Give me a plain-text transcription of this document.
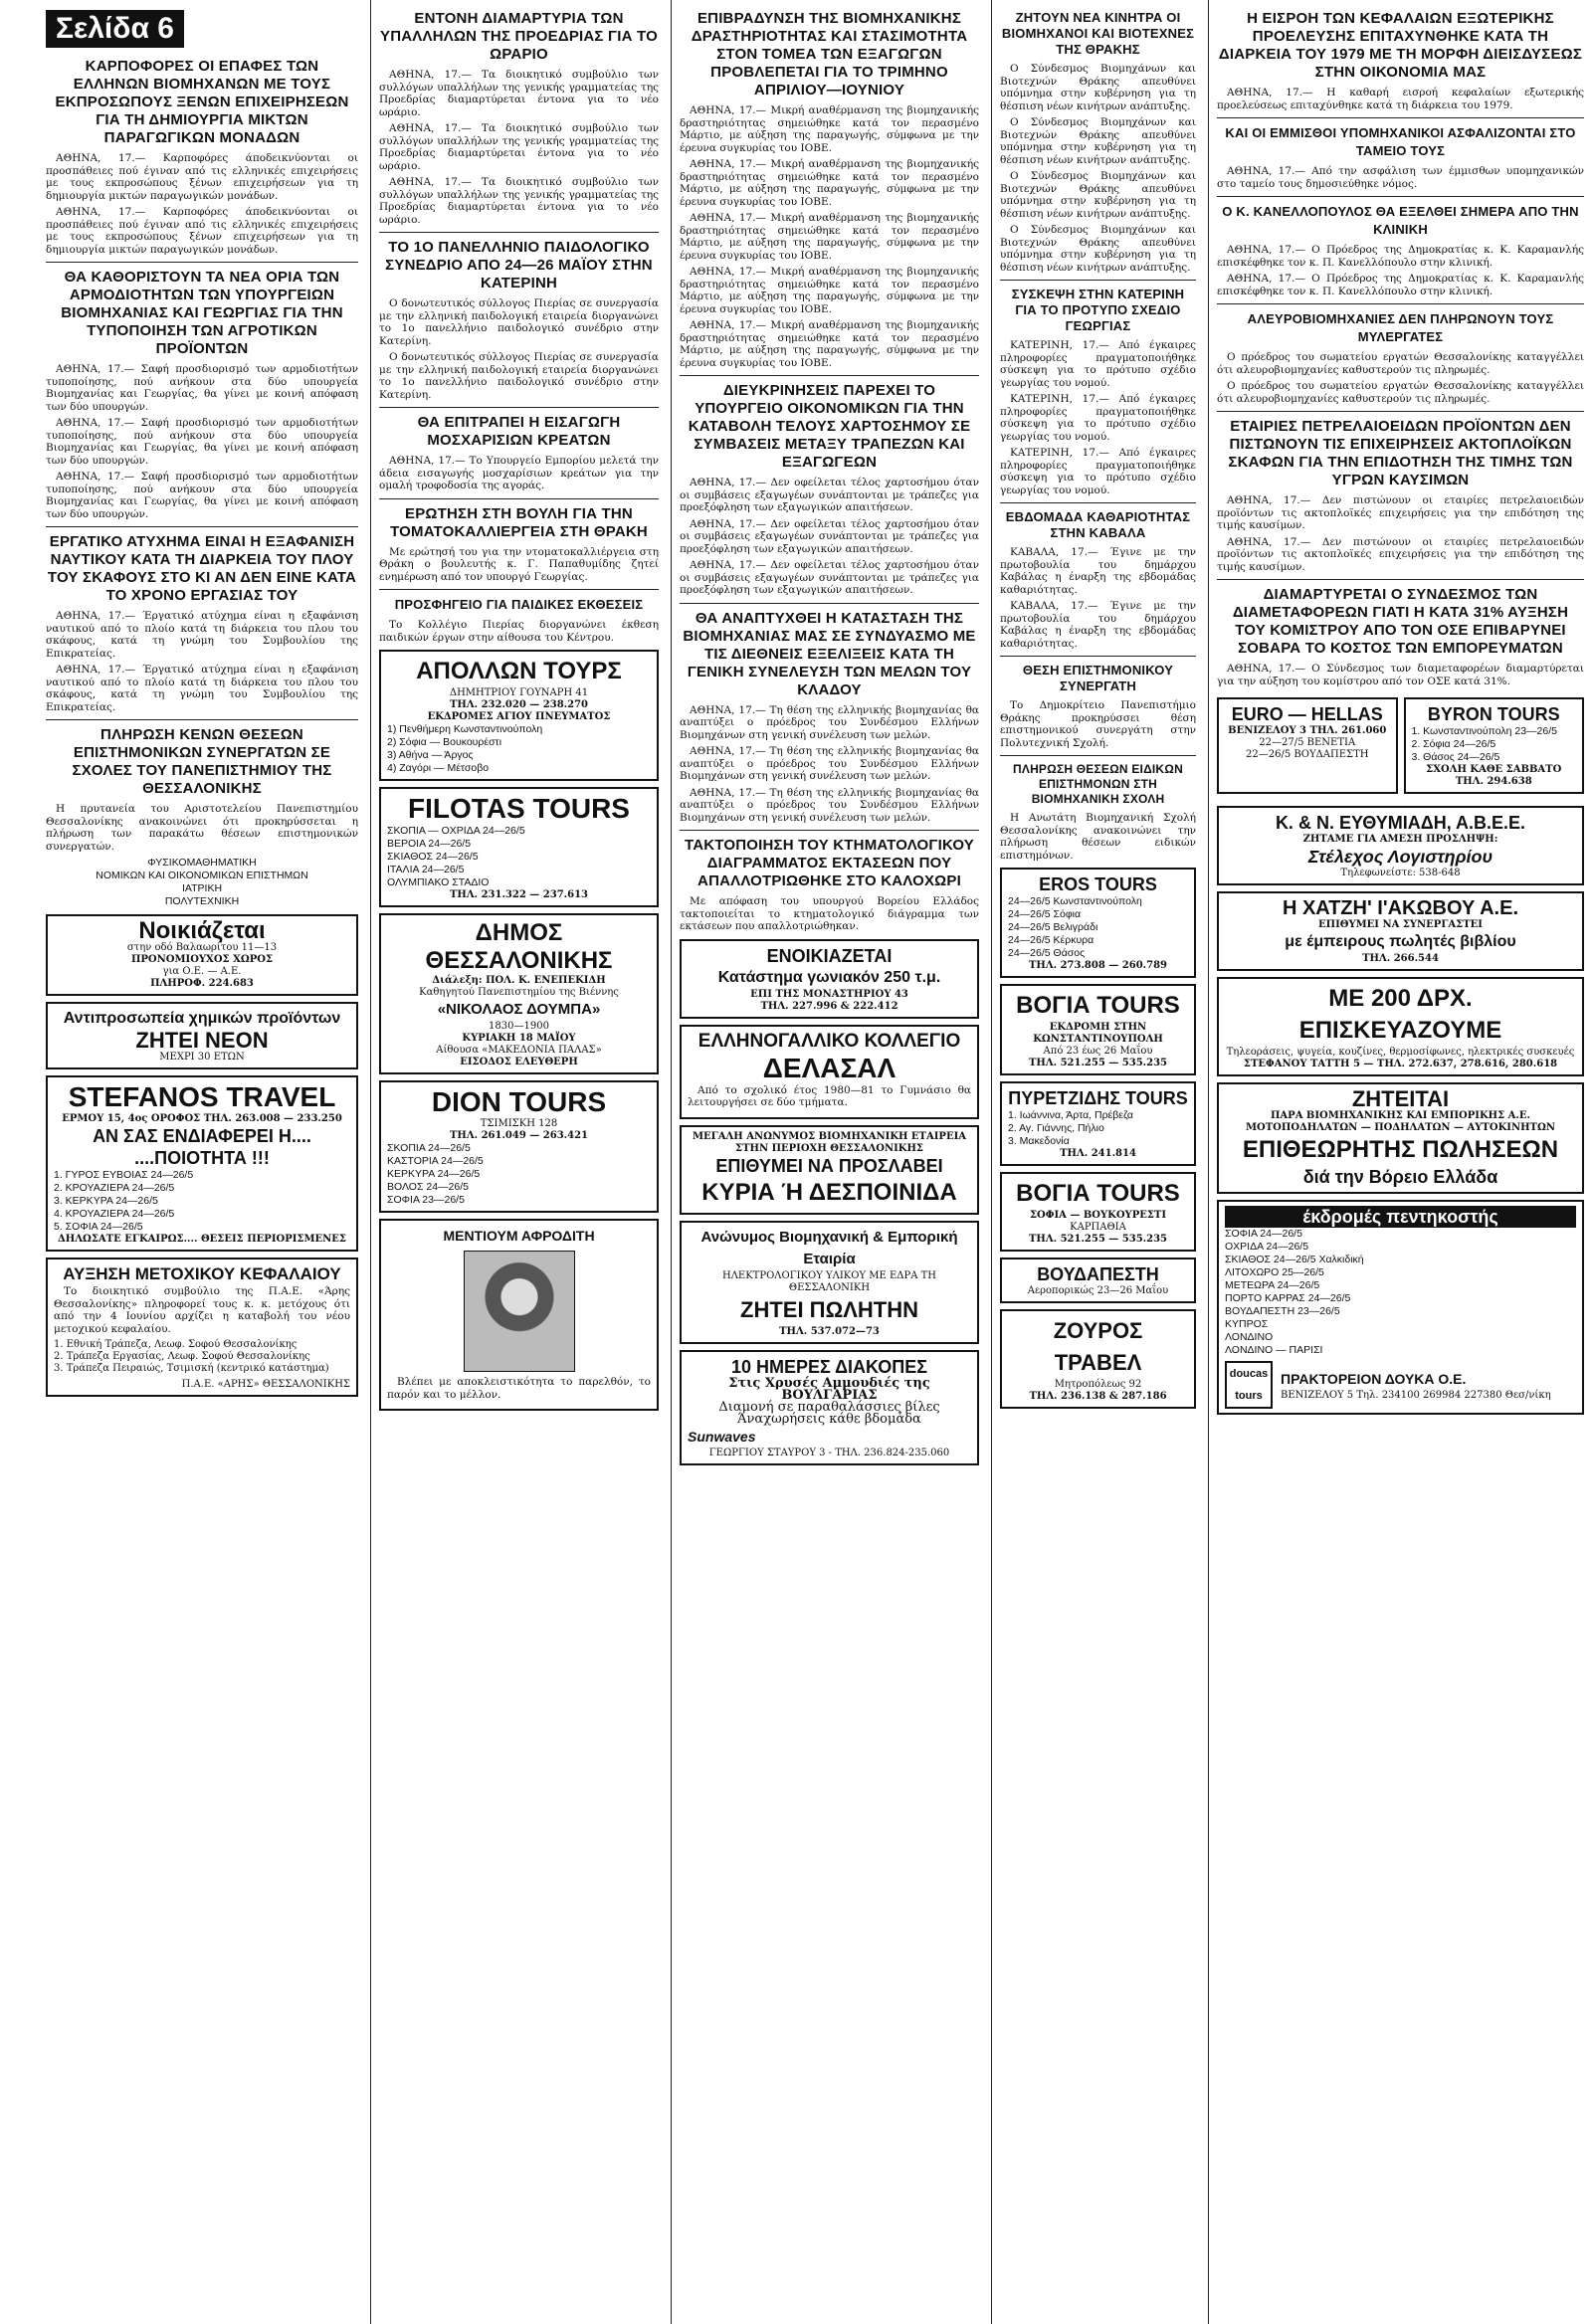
Σελίδα 6
ΚΑΡΠΟΦΟΡΕΣ ΟΙ ΕΠΑΦΕΣ ΤΩΝ ΕΛΛΗΝΩΝ ΒΙΟΜΗΧΑΝΩΝ ΜΕ ΤΟΥΣ ΕΚΠΡΟΣΩΠΟΥΣ ΞΕΝΩΝ ΕΠΙΧΕΙΡΗΣΕΩΝ ΓΙΑ ΤΗ ΔΗΜΙΟΥΡΓΙΑ ΜΙΚΤΩΝ ΠΑΡΑΓΩΓΙΚΩΝ ΜΟΝΑΔΩΝ

ΑΘΗΝΑ, 17.— Καρποφόρες άποδεικνύονται οι προσπάθειες πού έγιναν από τις ελληνικές επιχειρήσεις με τους εκπροσώπους ξένων επιχειρήσεων για τη δημιουργία μικτών παραγωγικών μονάδων.

ΑΘΗΝΑ, 17.— Καρποφόρες άποδεικνύονται οι προσπάθειες πού έγιναν από τις ελληνικές επιχειρήσεις με τους εκπροσώπους ξένων επιχειρήσεων για τη δημιουργία μικτών παραγωγικών μονάδων.

ΘΑ ΚΑΘΟΡΙΣΤΟΥΝ ΤΑ ΝΕΑ ΟΡΙΑ ΤΩΝ ΑΡΜΟΔΙΟΤΗΤΩΝ ΤΩΝ ΥΠΟΥΡΓΕΙΩΝ ΒΙΟΜΗΧΑΝΙΑΣ ΚΑΙ ΓΕΩΡΓΙΑΣ ΓΙΑ ΤΗΝ ΤΥΠΟΠΟΙΗΣΗ ΤΩΝ ΑΓΡΟΤΙΚΩΝ ΠΡΟΪΟΝΤΩΝ

ΑΘΗΝΑ, 17.— Σαφή προσδιορισμό των αρμοδιοτήτων τυποποίησης, πού ανήκουν στα δύο υπουργεία Βιομηχανίας και Γεωργίας, θα γίνει με κοινή απόφαση των δύο υπουργών.

ΑΘΗΝΑ, 17.— Σαφή προσδιορισμό των αρμοδιοτήτων τυποποίησης, πού ανήκουν στα δύο υπουργεία Βιομηχανίας και Γεωργίας, θα γίνει με κοινή απόφαση των δύο υπουργών.

ΑΘΗΝΑ, 17.— Σαφή προσδιορισμό των αρμοδιοτήτων τυποποίησης, πού ανήκουν στα δύο υπουργεία Βιομηχανίας και Γεωργίας, θα γίνει με κοινή απόφαση των δύο υπουργών.

ΕΡΓΑΤΙΚΟ ΑΤΥΧΗΜΑ ΕΙΝΑΙ Η ΕΞΑΦΑΝΙΣΗ ΝΑΥΤΙΚΟΥ ΚΑΤΑ ΤΗ ΔΙΑΡΚΕΙΑ ΤΟΥ ΠΛΟΥ ΤΟΥ ΣΚΑΦΟΥΣ ΣΤΟ ΚΙ ΑΝ ΔΕΝ ΕΙΝΕ ΚΑΤΑ ΤΟ ΧΡΟΝΟ ΕΡΓΑΣΙΑΣ ΤΟΥ

ΑΘΗΝΑ, 17.— Έργατικό ατύχημα είναι η εξαφάνιση ναυτικού από το πλοίο κατά τη διάρκεια του πλου του σκάφους, κατά τη γνώμη του Συμβουλίου της Επικρατείας.

ΑΘΗΝΑ, 17.— Έργατικό ατύχημα είναι η εξαφάνιση ναυτικού από το πλοίο κατά τη διάρκεια του πλου του σκάφους, κατά τη γνώμη του Συμβουλίου της Επικρατείας.

ΠΛΗΡΩΣΗ ΚΕΝΩΝ ΘΕΣΕΩΝ ΕΠΙΣΤΗΜΟΝΙΚΩΝ ΣΥΝΕΡΓΑΤΩΝ ΣΕ ΣΧΟΛΕΣ ΤΟΥ ΠΑΝΕΠΙΣΤΗΜΙΟΥ ΤΗΣ ΘΕΣΣΑΛΟΝΙΚΗΣ

Η πρυτανεία του Αριστοτελείου Πανεπιστημίου Θεσσαλονίκης ανακοινώνει ότι προκηρύσσεται η πλήρωση των παρακάτω θέσεων επιστημονικών συνεργατών.

ΦΥΣΙΚΟΜΑΘΗΜΑΤΙΚΗ
ΝΟΜΙΚΩΝ ΚΑΙ ΟΙΚΟΝΟΜΙΚΩΝ ΕΠΙΣΤΗΜΩΝ
ΙΑΤΡΙΚΗ
ΠΟΛΥΤΕΧΝΙΚΗ
Νοικιάζεται
στην οδό Βαλαωρίτου 11—13
ΠΡΟΝΟΜΙΟΥΧΟΣ ΧΩΡΟΣ
για Ο.Ε. — Α.Ε.
ΠΛΗΡΟΦ. 224.683
Αντιπροσωπεία χημικών προϊόντων
ΖΗΤΕΙ ΝΕΟΝ
ΜΕΧΡΙ 30 ΕΤΩΝ
STEFANOS TRAVEL
ΕΡΜΟΥ 15, 4ος ΟΡΟΦΟΣ ΤΗΛ. 263.008 — 233.250
ΑΝ ΣΑΣ ΕΝΔΙΑΦΕΡΕΙ Η....
....ΠΟΙΟΤΗΤΑ !!!
1. ΓΥΡΟΣ ΕΥΒΟΙΑΣ 24—26/5
2. ΚΡΟΥΑΖΙΕΡΑ 24—26/5
3. ΚΕΡΚΥΡΑ 24—26/5
4. ΚΡΟΥΑΖΙΕΡΑ 24—26/5
5. ΣΟΦΙΑ 24—26/5
ΔΗΛΩΣΑΤΕ ΕΓΚΑΙΡΩΣ.... ΘΕΣΕΙΣ ΠΕΡΙΟΡΙΣΜΕΝΕΣ
ΑΥΞΗΣΗ ΜΕΤΟΧΙΚΟΥ ΚΕΦΑΛΑΙΟΥ

Το διοικητικό συμβούλιο της Π.Α.Ε. «Άρης Θεσσαλονίκης» πληροφορεί τους κ. κ. μετόχους ότι από την 4 Ιουνίου αρχίζει η καταβολή του νέου μετοχικού κεφαλαίου.

1. Εθνική Τράπεζα, Λεωφ. Σοφού Θεσσαλονίκης
2. Τράπεζα Εργασίας, Λεωφ. Σοφού Θεσσαλονίκης
3. Τράπεζα Πειραιώς, Τσιμισκή (κεντρικό κατάστημα)
Π.Α.Ε. «ΑΡΗΣ» ΘΕΣΣΑΛΟΝΙΚΗΣ
ΕΝΤΟΝΗ ΔΙΑΜΑΡΤΥΡΙΑ ΤΩΝ ΥΠΑΛΛΗΛΩΝ ΤΗΣ ΠΡΟΕΔΡΙΑΣ ΓΙΑ ΤΟ ΩΡΑΡΙΟ

ΑΘΗΝΑ, 17.— Τα διοικητικό συμβούλιο των συλλόγων υπαλλήλων της γενικής γραμματείας της Προεδρίας διαμαρτύρεται έντονα για το νέο ωράριο.

ΑΘΗΝΑ, 17.— Τα διοικητικό συμβούλιο των συλλόγων υπαλλήλων της γενικής γραμματείας της Προεδρίας διαμαρτύρεται έντονα για το νέο ωράριο.

ΑΘΗΝΑ, 17.— Τα διοικητικό συμβούλιο των συλλόγων υπαλλήλων της γενικής γραμματείας της Προεδρίας διαμαρτύρεται έντονα για το νέο ωράριο.

ΤΟ 1Ο ΠΑΝΕΛΛΗΝΙΟ ΠΑΙΔΟΛΟΓΙΚΟ ΣΥΝΕΔΡΙΟ ΑΠΟ 24—26 ΜΑΪΟΥ ΣΤΗΝ ΚΑΤΕΡΙΝΗ

Ο δονωτευτικός σύλλογος Πιερίας σε συνεργασία με την ελληνική παιδολογική εταιρεία διοργανώνει το 1ο πανελλήνιο παιδολογικό συνέδριο στην Κατερίνη.

Ο δονωτευτικός σύλλογος Πιερίας σε συνεργασία με την ελληνική παιδολογική εταιρεία διοργανώνει το 1ο πανελλήνιο παιδολογικό συνέδριο στην Κατερίνη.

ΘΑ ΕΠΙΤΡΑΠΕΙ Η ΕΙΣΑΓΩΓΗ ΜΟΣΧΑΡΙΣΙΩΝ ΚΡΕΑΤΩΝ

ΑΘΗΝΑ, 17.— Το Υπουργείο Εμπορίου μελετά την άδεια εισαγωγής μοσχαρίσιων κρεάτων για την ομαλή τροφοδοσία της αγοράς.

ΕΡΩΤΗΣΗ ΣΤΗ ΒΟΥΛΗ ΓΙΑ ΤΗΝ ΤΟΜΑΤΟΚΑΛΛΙΕΡΓΕΙΑ ΣΤΗ ΘΡΑΚΗ

Με ερώτησή του για την ντοματοκαλλιέργεια στη Θράκη ο βουλευτής κ. Γ. Παπαθυμίδης ζητεί ενημέρωση από τον υπουργό Γεωργίας.

ΠΡΟΣΦΗΓΕΙΟ ΓΙΑ ΠΑΙΔΙΚΕΣ ΕΚΘΕΣΕΙΣ

Το Κολλέγιο Πιερίας διοργανώνει έκθεση παιδικών έργων στην αίθουσα του Κέντρου.

ΑΠΟΛΛΩΝ ΤΟΥΡΣ
ΔΗΜΗΤΡΙΟΥ ΓΟΥΝΑΡΗ 41
ΤΗΛ. 232.020 — 238.270
ΕΚΔΡΟΜΕΣ ΑΓΙΟΥ ΠΝΕΥΜΑΤΟΣ
1) Πενθήμερη Κωνσταντινούπολη
2) Σόφια — Βουκουρέστι
3) Αθήνα — Άργος
4) Ζαγόρι — Μέτσοβο
FILOTAS TOURS
ΣΚΟΠΙΑ — ΟΧΡΙΔΑ 24—26/5
ΒΕΡΟΙΑ 24—26/5
ΣΚΙΑΘΟΣ 24—26/5
ΙΤΑΛΙΑ 24—26/5
ΟΛΥΜΠΙΑΚΟ ΣΤΑΔΙΟ
ΤΗΛ. 231.322 — 237.613
ΔΗΜΟΣ ΘΕΣΣΑΛΟΝΙΚΗΣ
Διάλεξη: ΠΟΛ. Κ. ΕΝΕΠΕΚΙΔΗ
Καθηγητού Πανεπιστημίου της Βιέννης
«ΝΙΚΟΛΑΟΣ ΔΟΥΜΠΑ»
1830—1900
ΚΥΡΙΑΚΗ 18 ΜΑΪΟΥ
Αίθουσα «ΜΑΚΕΔΟΝΙΑ ΠΑΛΑΣ»
ΕΙΣΟΔΟΣ ΕΛΕΥΘΕΡΗ
DION TOURS
ΤΣΙΜΙΣΚΗ 128
ΤΗΛ. 261.049 — 263.421
ΣΚΟΠΙΑ 24—26/5
ΚΑΣΤΟΡΙΑ 24—26/5
ΚΕΡΚΥΡΑ 24—26/5
ΒΟΛΟΣ 24—26/5
ΣΟΦΙΑ 23—26/5
ΜΕΝΤΙΟΥΜ ΑΦΡΟΔΙΤΗ

Βλέπει με αποκλειστικότητα το παρελθόν, το παρόν και το μέλλον.

ΕΠΙΒΡΑΔΥΝΣΗ ΤΗΣ ΒΙΟΜΗΧΑΝΙΚΗΣ ΔΡΑΣΤΗΡΙΟΤΗΤΑΣ ΚΑΙ ΣΤΑΣΙΜΟΤΗΤΑ ΣΤΟΝ ΤΟΜΕΑ ΤΩΝ ΕΞΑΓΩΓΩΝ ΠΡΟΒΛΕΠΕΤΑΙ ΓΙΑ ΤΟ ΤΡΙΜΗΝΟ ΑΠΡΙΛΙΟΥ—ΙΟΥΝΙΟΥ

ΑΘΗΝΑ, 17.— Μικρή αναθέρμανση της βιομηχανικής δραστηριότητας σημειώθηκε κατά τον περασμένο Μάρτιο, με αύξηση της παραγωγής, σύμφωνα με την έρευνα συγκυρίας του ΙΟΒΕ.

ΑΘΗΝΑ, 17.— Μικρή αναθέρμανση της βιομηχανικής δραστηριότητας σημειώθηκε κατά τον περασμένο Μάρτιο, με αύξηση της παραγωγής, σύμφωνα με την έρευνα συγκυρίας του ΙΟΒΕ.

ΑΘΗΝΑ, 17.— Μικρή αναθέρμανση της βιομηχανικής δραστηριότητας σημειώθηκε κατά τον περασμένο Μάρτιο, με αύξηση της παραγωγής, σύμφωνα με την έρευνα συγκυρίας του ΙΟΒΕ.

ΑΘΗΝΑ, 17.— Μικρή αναθέρμανση της βιομηχανικής δραστηριότητας σημειώθηκε κατά τον περασμένο Μάρτιο, με αύξηση της παραγωγής, σύμφωνα με την έρευνα συγκυρίας του ΙΟΒΕ.

ΑΘΗΝΑ, 17.— Μικρή αναθέρμανση της βιομηχανικής δραστηριότητας σημειώθηκε κατά τον περασμένο Μάρτιο, με αύξηση της παραγωγής, σύμφωνα με την έρευνα συγκυρίας του ΙΟΒΕ.

ΔΙΕΥΚΡΙΝΗΣΕΙΣ ΠΑΡΕΧΕΙ ΤΟ ΥΠΟΥΡΓΕΙΟ ΟΙΚΟΝΟΜΙΚΩΝ ΓΙΑ ΤΗΝ ΚΑΤΑΒΟΛΗ ΤΕΛΟΥΣ ΧΑΡΤΟΣΗΜΟΥ ΣΕ ΣΥΜΒΑΣΕΙΣ ΜΕΤΑΞΥ ΤΡΑΠΕΖΩΝ ΚΑΙ ΕΞΑΓΩΓΕΩΝ

ΑΘΗΝΑ, 17.— Δεν οφείλεται τέλος χαρτοσήμου όταν οι συμβάσεις εξαγωγέων συνάπτονται με τράπεζες για προεξόφληση των εξαγωγικών απαιτήσεων.

ΑΘΗΝΑ, 17.— Δεν οφείλεται τέλος χαρτοσήμου όταν οι συμβάσεις εξαγωγέων συνάπτονται με τράπεζες για προεξόφληση των εξαγωγικών απαιτήσεων.

ΑΘΗΝΑ, 17.— Δεν οφείλεται τέλος χαρτοσήμου όταν οι συμβάσεις εξαγωγέων συνάπτονται με τράπεζες για προεξόφληση των εξαγωγικών απαιτήσεων.

ΘΑ ΑΝΑΠΤΥΧΘΕΙ Η ΚΑΤΑΣΤΑΣΗ ΤΗΣ ΒΙΟΜΗΧΑΝΙΑΣ ΜΑΣ ΣΕ ΣΥΝΔΥΑΣΜΟ ΜΕ ΤΙΣ ΔΙΕΘΝΕΙΣ ΕΞΕΛΙΞΕΙΣ ΚΑΤΑ ΤΗ ΓΕΝΙΚΗ ΣΥΝΕΛΕΥΣΗ ΤΩΝ ΜΕΛΩΝ ΤΟΥ ΚΛΑΔΟΥ

ΑΘΗΝΑ, 17.— Τη θέση της ελληνικής βιομηχανίας θα αναπτύξει ο πρόεδρος του Συνδέσμου Ελλήνων Βιομηχάνων στη γενική συνέλευση των μελών.

ΑΘΗΝΑ, 17.— Τη θέση της ελληνικής βιομηχανίας θα αναπτύξει ο πρόεδρος του Συνδέσμου Ελλήνων Βιομηχάνων στη γενική συνέλευση των μελών.

ΑΘΗΝΑ, 17.— Τη θέση της ελληνικής βιομηχανίας θα αναπτύξει ο πρόεδρος του Συνδέσμου Ελλήνων Βιομηχάνων στη γενική συνέλευση των μελών.

ΤΑΚΤΟΠΟΙΗΣΗ ΤΟΥ ΚΤΗΜΑΤΟΛΟΓΙΚΟΥ ΔΙΑΓΡΑΜΜΑΤΟΣ ΕΚΤΑΣΕΩΝ ΠΟΥ ΑΠΑΛΛΟΤΡΙΩΘΗΚΕ ΣΤΟ ΚΑΛΟΧΩΡΙ

Με απόφαση του υπουργού Βορείου Ελλάδος τακτοποιείται το κτηματολογικό διάγραμμα των εκτάσεων που απαλλοτριώθηκαν.

ΕΝΟΙΚΙΑΖΕΤΑΙ
Κατάστημα γωνιακόν 250 τ.μ.
ΕΠΙ ΤΗΣ ΜΟΝΑΣΤΗΡΙΟΥ 43
ΤΗΛ. 227.996 & 222.412
ΕΛΛΗΝΟΓΑΛΛΙΚΟ ΚΟΛΛΕΓΙΟ
ΔΕΛΑΣΑΛ

Από το σχολικό έτος 1980—81 το Γυμνάσιο θα λειτουργήσει σε δύο τμήματα.

ΜΕΓΑΛΗ ΑΝΩΝΥΜΟΣ ΒΙΟΜΗΧΑΝΙΚΗ ΕΤΑΙΡΕΙΑ ΣΤΗΝ ΠΕΡΙΟΧΗ ΘΕΣΣΑΛΟΝΙΚΗΣ
ΕΠΙΘΥΜΕΙ ΝΑ ΠΡΟΣΛΑΒΕΙ
ΚΥΡΙΑ Ή ΔΕΣΠΟΙΝΙΔΑ
Ανώνυμος Βιομηχανική & Εμπορική Εταιρία
ΗΛΕΚΤΡΟΛΟΓΙΚΟΥ ΥΛΙΚΟΥ ΜΕ ΕΔΡΑ ΤΗ ΘΕΣΣΑΛΟΝΙΚΗ
ΖΗΤΕΙ ΠΩΛΗΤΗΝ
ΤΗΛ. 537.072—73
10 ΗΜΕΡΕΣ ΔΙΑΚΟΠΕΣ
Στις Χρυσές Αμμουδιές της ΒΟΥΛΓΑΡΙΑΣ
Διαμονή σε παραθαλάσσιες βίλες
Άναχωρήσεις κάθε βδομάδα
Sunwaves
ΓΕΩΡΓΙΟΥ ΣΤΑΥΡΟΥ 3 - ΤΗΛ. 236.824-235.060
ΖΗΤΟΥΝ ΝΕΑ ΚΙΝΗΤΡΑ ΟΙ ΒΙΟΜΗΧΑΝΟΙ ΚΑΙ ΒΙΟΤΕΧΝΕΣ ΤΗΣ ΘΡΑΚΗΣ

Ο Σύνδεσμος Βιομηχάνων και Βιοτεχνών Θράκης απευθύνει υπόμνημα στην κυβέρνηση για τη θέσπιση νέων κινήτρων ανάπτυξης.

Ο Σύνδεσμος Βιομηχάνων και Βιοτεχνών Θράκης απευθύνει υπόμνημα στην κυβέρνηση για τη θέσπιση νέων κινήτρων ανάπτυξης.

Ο Σύνδεσμος Βιομηχάνων και Βιοτεχνών Θράκης απευθύνει υπόμνημα στην κυβέρνηση για τη θέσπιση νέων κινήτρων ανάπτυξης.

Ο Σύνδεσμος Βιομηχάνων και Βιοτεχνών Θράκης απευθύνει υπόμνημα στην κυβέρνηση για τη θέσπιση νέων κινήτρων ανάπτυξης.

ΣΥΣΚΕΨΗ ΣΤΗΝ ΚΑΤΕΡΙΝΗ ΓΙΑ ΤΟ ΠΡΟΤΥΠΟ ΣΧΕΔΙΟ ΓΕΩΡΓΙΑΣ

ΚΑΤΕΡΙΝΗ, 17.— Από έγκαιρες πληροφορίες πραγματοποιήθηκε σύσκεψη για το πρότυπο σχέδιο γεωργίας του νομού.

ΚΑΤΕΡΙΝΗ, 17.— Από έγκαιρες πληροφορίες πραγματοποιήθηκε σύσκεψη για το πρότυπο σχέδιο γεωργίας του νομού.

ΚΑΤΕΡΙΝΗ, 17.— Από έγκαιρες πληροφορίες πραγματοποιήθηκε σύσκεψη για το πρότυπο σχέδιο γεωργίας του νομού.

ΕΒΔΟΜΑΔΑ ΚΑΘΑΡΙΟΤΗΤΑΣ ΣΤΗΝ ΚΑΒΑΛΑ

ΚΑΒΑΛΑ, 17.— Έγινε με την πρωτοβουλία του δημάρχου Καβάλας η έναρξη της εβδομάδας καθαριότητας.

ΚΑΒΑΛΑ, 17.— Έγινε με την πρωτοβουλία του δημάρχου Καβάλας η έναρξη της εβδομάδας καθαριότητας.

ΘΕΣΗ ΕΠΙΣΤΗΜΟΝΙΚΟΥ ΣΥΝΕΡΓΑΤΗ

Το Δημοκρίτειο Πανεπιστήμιο Θράκης προκηρύσσει θέση επιστημονικού συνεργάτη στην Πολυτεχνική Σχολή.

ΠΛΗΡΩΣΗ ΘΕΣΕΩΝ ΕΙΔΙΚΩΝ ΕΠΙΣΤΗΜΟΝΩΝ ΣΤΗ ΒΙΟΜΗΧΑΝΙΚΗ ΣΧΟΛΗ

Η Ανωτάτη Βιομηχανική Σχολή Θεσσαλονίκης ανακοινώνει την πλήρωση θέσεων ειδικών επιστημόνων.

EROS TOURS
24—26/5 Κωνσταντινούπολη
24—26/5 Σόφια
24—26/5 Βελιγράδι
24—26/5 Κέρκυρα
24—26/5 Θάσος
ΤΗΛ. 273.808 — 260.789
ΒΟΓΙΑ TOURS
ΕΚΔΡΟΜΗ ΣΤΗΝ ΚΩΝΣΤΑΝΤΙΝΟΥΠΟΛΗ
Από 23 έως 26 Μαΐου
ΤΗΛ. 521.255 — 535.235
ΠΥΡΕΤΖΙΔΗΣ TOURS
1. Ιωάννινα, Άρτα, Πρέβεζα
2. Αγ. Γιάννης, Πήλιο
3. Μακεδονία
ΤΗΛ. 241.814
ΒΟΓΙΑ TOURS
ΣΟΦΙΑ — ΒΟΥΚΟΥΡΕΣΤΙ
ΚΑΡΠΑΘΙΑ
ΤΗΛ. 521.255 — 535.235
ΒΟΥΔΑΠΕΣΤΗ
Αεροπορικώς 23—26 Μαΐου
ΖΟΥΡΟΣ ΤΡΑΒΕΛ
Μητροπόλεως 92
ΤΗΛ. 236.138 & 287.186
Η ΕΙΣΡΟΗ ΤΩΝ ΚΕΦΑΛΑΙΩΝ ΕΞΩΤΕΡΙΚΗΣ ΠΡΟΕΛΕΥΣΗΣ ΕΠΙΤΑΧΥΝΘΗΚΕ ΚΑΤΑ ΤΗ ΔΙΑΡΚΕΙΑ ΤΟΥ 1979 ΜΕ ΤΗ ΜΟΡΦΗ ΔΙΕΙΣΔΥΣΕΩΣ ΣΤΗΝ ΟΙΚΟΝΟΜΙΑ ΜΑΣ

ΑΘΗΝΑ, 17.— Η καθαρή εισροή κεφαλαίων εξωτερικής προελεύσεως επιταχύνθηκε κατά τη διάρκεια του 1979.

ΚΑΙ ΟΙ ΕΜΜΙΣΘΟΙ ΥΠΟΜΗΧΑΝΙΚΟΙ ΑΣΦΑΛΙΖΟΝΤΑΙ ΣΤΟ ΤΑΜΕΙΟ ΤΟΥΣ

ΑΘΗΝΑ, 17.— Από την ασφάλιση των έμμισθων υπομηχανικών στο ταμείο τους δημοσιεύθηκε νόμος.

Ο Κ. ΚΑΝΕΛΛΟΠΟΥΛΟΣ ΘΑ ΕΞΕΛΘΕΙ ΣΗΜΕΡΑ ΑΠΟ ΤΗΝ ΚΛΙΝΙΚΗ

ΑΘΗΝΑ, 17.— Ο Πρόεδρος της Δημοκρατίας κ. Κ. Καραμανλής επισκέφθηκε τον κ. Π. Κανελλόπουλο στην κλινική.

ΑΘΗΝΑ, 17.— Ο Πρόεδρος της Δημοκρατίας κ. Κ. Καραμανλής επισκέφθηκε τον κ. Π. Κανελλόπουλο στην κλινική.

ΑΛΕΥΡΟΒΙΟΜΗΧΑΝΙΕΣ ΔΕΝ ΠΛΗΡΩΝΟΥΝ ΤΟΥΣ ΜΥΛΕΡΓΑΤΕΣ

Ο πρόεδρος του σωματείου εργατών Θεσσαλονίκης καταγγέλλει ότι αλευροβιομηχανίες καθυστερούν τις πληρωμές.

Ο πρόεδρος του σωματείου εργατών Θεσσαλονίκης καταγγέλλει ότι αλευροβιομηχανίες καθυστερούν τις πληρωμές.

ΕΤΑΙΡΙΕΣ ΠΕΤΡΕΛΑΙΟΕΙΔΩΝ ΠΡΟΪΟΝΤΩΝ ΔΕΝ ΠΙΣΤΩΝΟΥΝ ΤΙΣ ΕΠΙΧΕΙΡΗΣΕΙΣ ΑΚΤΟΠΛΟΪΚΩΝ ΣΚΑΦΩΝ ΓΙΑ ΤΗΝ ΕΠΙΔΟΤΗΣΗ ΤΗΣ ΤΙΜΗΣ ΤΩΝ ΥΓΡΩΝ ΚΑΥΣΙΜΩΝ

ΑΘΗΝΑ, 17.— Δεν πιστώνουν οι εταιρίες πετρελαιοειδών προϊόντων τις ακτοπλοϊκές επιχειρήσεις για την επιδότηση της τιμής καυσίμων.

ΑΘΗΝΑ, 17.— Δεν πιστώνουν οι εταιρίες πετρελαιοειδών προϊόντων τις ακτοπλοϊκές επιχειρήσεις για την επιδότηση της τιμής καυσίμων.

ΔΙΑΜΑΡΤΥΡΕΤΑΙ Ο ΣΥΝΔΕΣΜΟΣ ΤΩΝ ΔΙΑΜΕΤΑΦΟΡΕΩΝ ΓΙΑΤΙ Η ΚΑΤΑ 31% ΑΥΞΗΣΗ ΤΟΥ ΚΟΜΙΣΤΡΟΥ ΑΠΟ ΤΟΝ ΟΣΕ ΕΠΙΒΑΡΥΝΕΙ ΣΟΒΑΡΑ ΤΟ ΚΟΣΤΟΣ ΤΩΝ ΕΜΠΟΡΕΥΜΑΤΩΝ

ΑΘΗΝΑ, 17.— Ο Σύνδεσμος των διαμεταφορέων διαμαρτύρεται για την αύξηση του κομίστρου από τον ΟΣΕ κατά 31%.

EURO — HELLAS
ΒΕΝΙΖΕΛΟΥ 3 ΤΗΛ. 261.060
22—27/5 ΒΕΝΕΤΙΑ
22—26/5 ΒΟΥΔΑΠΕΣΤΗ
BYRON TOURS
1. Κωνσταντινούπολη 23—26/5
2. Σόφια 24—26/5
3. Θάσος 24—26/5
ΣΧΟΛΗ ΚΑΘΕ ΣΑΒΒΑΤΟ
ΤΗΛ. 294.638
Κ. & Ν. ΕΥΘΥΜΙΑΔΗ, Α.Β.Ε.Ε.
ΖΗΤΑΜΕ ΓΙΑ ΑΜΕΣΗ ΠΡΟΣΛΗΨΗ:
Στέλεχος Λογιστηρίου
Τηλεφωνείστε: 538-648
Η ΧΑΤΖΗ' Ι'ΑΚΩΒΟΥ Α.Ε.
ΕΠΙΘΥΜΕΙ ΝΑ ΣΥΝΕΡΓΑΣΤΕΙ
με έμπειρους πωλητές βιβλίου
ΤΗΛ. 266.544
ΜΕ 200 ΔΡΧ. ΕΠΙΣΚΕΥΑΖΟΥΜΕ
Τηλεοράσεις, ψυγεία, κουζίνες, θερμοσίφωνες, ηλεκτρικές συσκευές
ΣΤΕΦΑΝΟΥ ΤΑΤΤΗ 5 — ΤΗΛ. 272.637, 278.616, 280.618
ΖΗΤΕΙΤΑΙ
ΠΑΡΑ ΒΙΟΜΗΧΑΝΙΚΗΣ ΚΑΙ ΕΜΠΟΡΙΚΗΣ Α.Ε. ΜΟΤΟΠΟΔΗΛΑΤΩΝ — ΠΟΔΗΛΑΤΩΝ — ΑΥΤΟΚΙΝΗΤΩΝ
ΕΠΙΘΕΩΡΗΤΗΣ ΠΩΛΗΣΕΩΝ
διά την Βόρειο Ελλάδα
έκδρομές πεντηκοστής
ΣΟΦΙΑ 24—26/5
ΟΧΡΙΔΑ 24—26/5
ΣΚΙΑΘΟΣ 24—26/5 Χαλκιδική
ΛΙΤΟΧΩΡΟ 25—26/5
ΜΕΤΕΩΡΑ 24—26/5
ΠΟΡΤΟ ΚΑΡΡΑΣ 24—26/5
ΒΟΥΔΑΠΕΣΤΗ 23—26/5
ΚΥΠΡΟΣ
ΛΟΝΔΙΝΟ
ΛΟΝΔΙΝΟ — ΠΑΡΙΣΙ
doucas tours
ΠΡΑΚΤΟΡΕΙΟΝ ΔΟΥΚΑ Ο.Ε.
ΒΕΝΙΖΕΛΟΥ 5 Τηλ. 234100 269984 227380 Θεσ/νίκη
